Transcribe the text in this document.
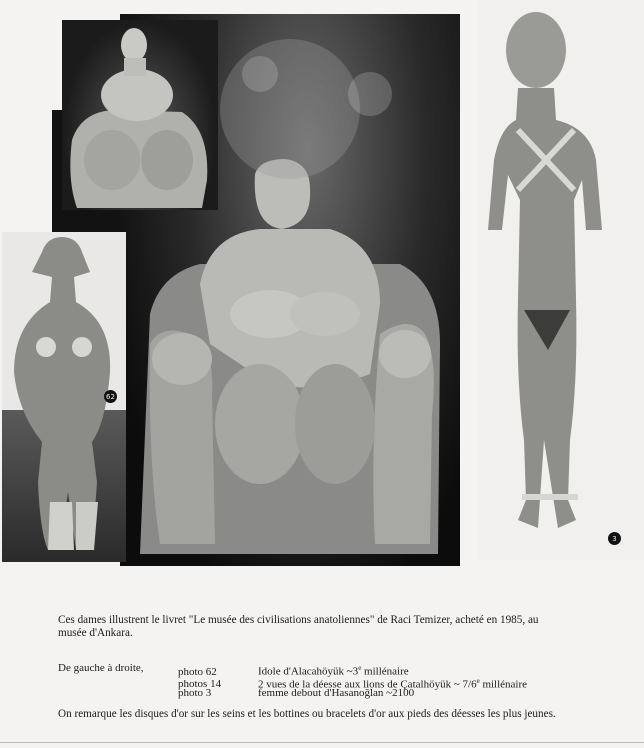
62
3
Ces dames illustrent le livret "Le musée des civilisations anatoliennes" de Raci Temizer, acheté en 1985, au
musée d'Ankara.
De gauche à droite,	photo 62	Idole d'Alacahöyük ~3e millénaire
photos 14	2 vues de la déesse aux lions de Çatalhöyük ~ 7/6e millénaire
photo 3	femme debout d'Hasanoğlan ~2100
On remarque les disques d'or sur les seins et les bottines ou bracelets d'or aux pieds des déesses les plus jeunes.
